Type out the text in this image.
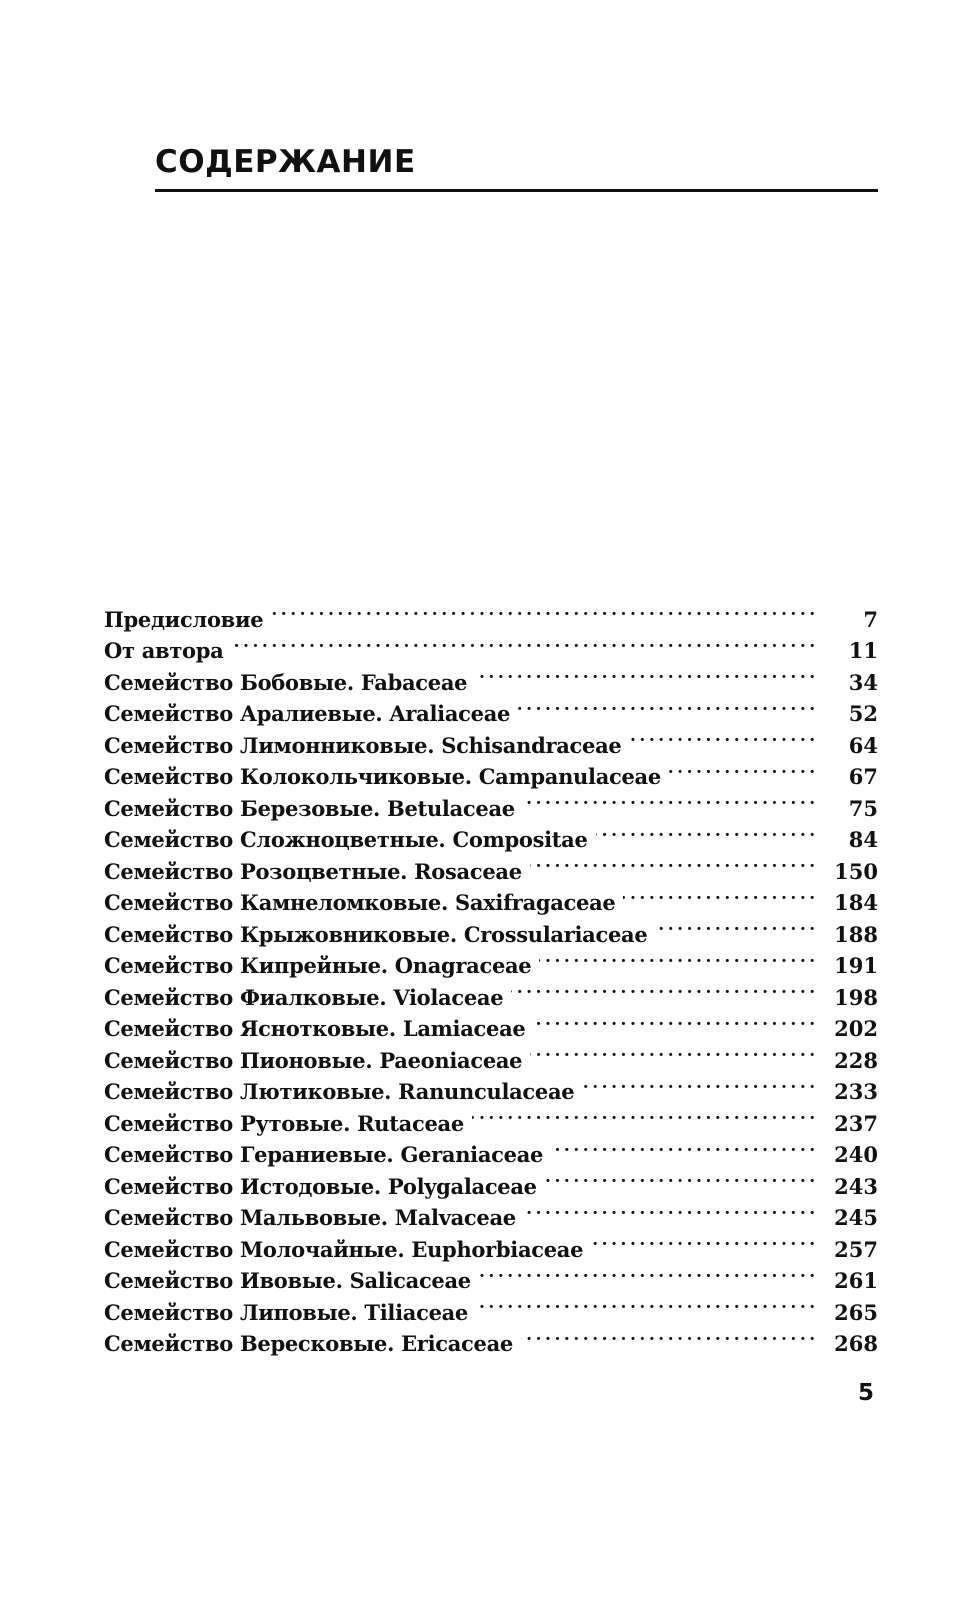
СОДЕРЖАНИЕ
Предисловие . . .	7
От автора . . .	11
Семейство Бобовые. Fabaceae . . .	34
Семейство Аралиевые. Araliaceae . . .	52
Семейство Лимонниковые. Schisandraceae . . .	64
Семейство Колокольчиковые. Campanulaceae . . .	67
Семейство Березовые. Betulaceae . . .	75
Семейство Сложноцветные. Compositae . . .	84
Семейство Розоцветные. Rosaceae . . .	150
Семейство Камнеломковые. Saxifragaceae . . .	184
Семейство Крыжовниковые. Crossulariaceae . . .	188
Семейство Кипрейные. Onagraceae . . .	191
Семейство Фиалковые. Violaceae . . .	198
Семейство Яснотковые. Lamiaceae . . .	202
Семейство Пионовые. Paeoniaceae . . .	228
Семейство Лютиковые. Ranunculaceae . . .	233
Семейство Рутовые. Rutaceae . . .	237
Семейство Гераниевые. Geraniaceae . . .	240
Семейство Истодовые. Polygalaceae . . .	243
Семейство Мальвовые. Malvaceae . . .	245
Семейство Молочайные. Euphorbiaceae . . .	257
Семейство Ивовые. Salicaceae . . .	261
Семейство Липовые. Tiliaceae . . .	265
Семейство Вересковые. Ericaceae . . .	268
5
